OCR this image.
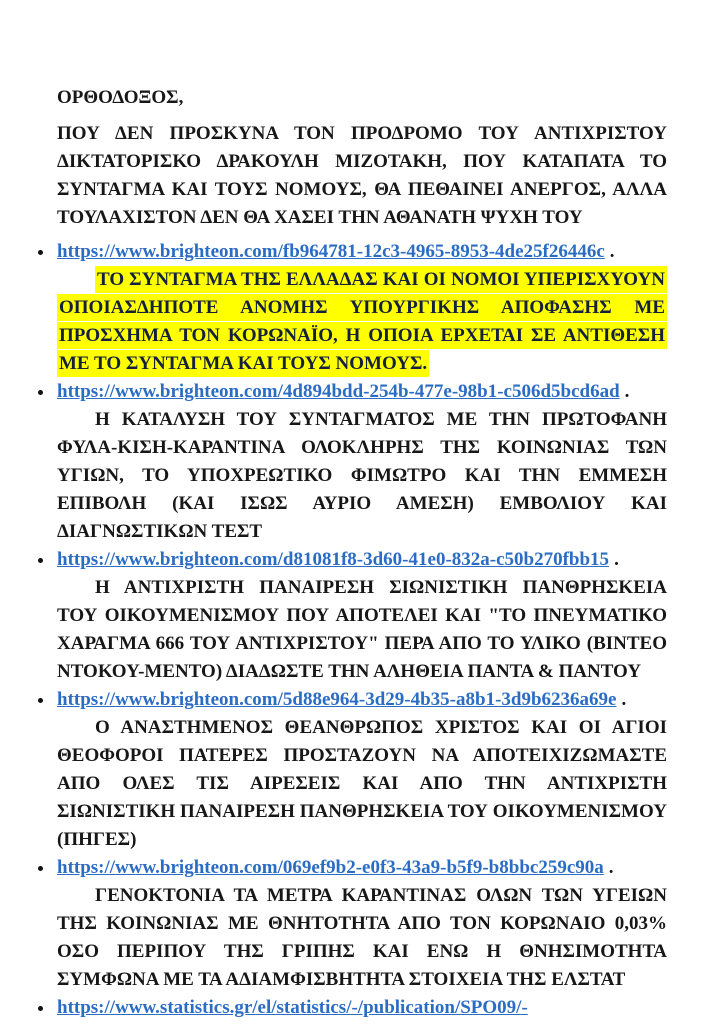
ΟΡΘΟΔΟΞΟΣ,

ΠΟΥ ΔΕΝ ΠΡΟΣΚΥΝΑ ΤΟΝ ΠΡΟΔΡΟΜΟ ΤΟΥ ΑΝΤΙΧΡΙΣΤΟΥ ΔΙΚΤΑΤΟΡΙΣΚΟ ΔΡΑΚΟΥΛΗ ΜΙΖΟΤΑΚΗ, ΠΟΥ ΚΑΤΑΠΑΤΑ ΤΟ ΣΥΝΤΑΓΜΑ ΚΑΙ ΤΟΥΣ ΝΟΜΟΥΣ, ΘΑ ΠΕΘΑΙΝΕΙ ΑΝΕΡΓΟΣ, ΑΛΛΑ ΤΟΥΛΑΧΙΣΤΟΝ ΔΕΝ ΘΑ ΧΑΣΕΙ ΤΗΝ ΑΘΑΝΑΤΗ ΨΥΧΗ ΤΟΥ

https://www.brighteon.com/fb964781-12c3-4965-8953-4de25f26446c .

ΤΟ ΣΥΝΤΑΓΜΑ ΤΗΣ ΕΛΛΑΔΑΣ ΚΑΙ ΟΙ ΝΟΜΟΙ ΥΠΕΡΙΣΧΥΟΥΝ ΟΠΟΙΑΣΔΗΠΟΤΕ ΑΝΟΜΗΣ ΥΠΟΥΡΓΙΚΗΣ ΑΠΟΦΑΣΗΣ ΜΕ ΠΡΟΣΧΗΜΑ ΤΟΝ ΚΟΡΩΝΑΪΟ, Η ΟΠΟΙΑ ΕΡΧΕΤΑΙ ΣΕ ΑΝΤΙΘΕΣΗ ΜΕ ΤΟ ΣΥΝΤΑΓΜΑ ΚΑΙ ΤΟΥΣ ΝΟΜΟΥΣ.

https://www.brighteon.com/4d894bdd-254b-477e-98b1-c506d5bcd6ad .

Η ΚΑΤΑΛΥΣΗ ΤΟΥ ΣΥΝΤΑΓΜΑΤΟΣ ΜΕ ΤΗΝ ΠΡΩΤΟΦΑΝΗ ΦΥΛΑ-ΚΙΣΗ-ΚΑΡΑΝΤΙΝΑ ΟΛΟΚΛΗΡΗΣ ΤΗΣ ΚΟΙΝΩΝΙΑΣ ΤΩΝ ΥΓΙΩΝ, ΤΟ ΥΠΟΧΡΕΩΤΙΚΟ ΦΙΜΩΤΡΟ ΚΑΙ ΤΗΝ ΕΜΜΕΣΗ ΕΠΙΒΟΛΗ (ΚΑΙ ΙΣΩΣ ΑΥΡΙΟ ΑΜΕΣΗ) ΕΜΒΟΛΙΟΥ ΚΑΙ ΔΙΑΓΝΩΣΤΙΚΩΝ ΤΕΣΤ

https://www.brighteon.com/d81081f8-3d60-41e0-832a-c50b270fbb15 .

Η ΑΝΤΙΧΡΙΣΤΗ ΠΑΝΑΙΡΕΣΗ ΣΙΩΝΙΣΤΙΚΗ ΠΑΝΘΡΗΣΚΕΙΑ ΤΟΥ ΟΙΚΟΥΜΕΝΙΣΜΟΥ ΠΟΥ ΑΠΟΤΕΛΕΙ ΚΑΙ "ΤΟ ΠΝΕΥΜΑΤΙΚΟ ΧΑΡΑΓΜΑ 666 ΤΟΥ ΑΝΤΙΧΡΙΣΤΟΥ" ΠΕΡΑ ΑΠΟ ΤΟ ΥΛΙΚΟ (ΒΙΝΤΕΟ ΝΤΟΚΟΥ-ΜΕΝΤΟ) ΔΙΑΔΩΣΤΕ ΤΗΝ ΑΛΗΘΕΙΑ ΠΑΝΤΑ & ΠΑΝΤΟΥ

https://www.brighteon.com/5d88e964-3d29-4b35-a8b1-3d9b6236a69e .

Ο ΑΝΑΣΤΗΜΕΝΟΣ ΘΕΑΝΘΡΩΠΟΣ ΧΡΙΣΤΟΣ ΚΑΙ ΟΙ ΑΓΙΟΙ ΘΕΟΦΟΡΟΙ ΠΑΤΕΡΕΣ ΠΡΟΣΤΑΖΟΥΝ ΝΑ ΑΠΟΤΕΙΧΙΖΩΜΑΣΤΕ ΑΠΟ ΟΛΕΣ ΤΙΣ ΑΙΡΕΣΕΙΣ ΚΑΙ ΑΠΟ ΤΗΝ ΑΝΤΙΧΡΙΣΤΗ ΣΙΩΝΙΣΤΙΚΗ ΠΑΝΑΙΡΕΣΗ ΠΑΝΘΡΗΣΚΕΙΑ ΤΟΥ ΟΙΚΟΥΜΕΝΙΣΜΟΥ (ΠΗΓΕΣ)

https://www.brighteon.com/069ef9b2-e0f3-43a9-b5f9-b8bbc259c90a .

ΓΕΝΟΚΤΟΝΙΑ ΤΑ ΜΕΤΡΑ ΚΑΡΑΝΤΙΝΑΣ ΟΛΩΝ ΤΩΝ ΥΓΕΙΩΝ ΤΗΣ ΚΟΙΝΩΝΙΑΣ ΜΕ ΘΝΗΤΟΤΗΤΑ ΑΠΟ ΤΟΝ ΚΟΡΩΝΑΙΟ 0,03% ΟΣΟ ΠΕΡΙΠΟΥ ΤΗΣ ΓΡΙΠΗΣ ΚΑΙ ΕΝΩ Η ΘΝΗΣΙΜΟΤΗΤΑ ΣΥΜΦΩΝΑ ΜΕ ΤΑ ΑΔΙΑΜΦΙΣΒΗΤΗΤΑ ΣΤΟΙΧΕΙΑ ΤΗΣ ΕΛΣΤΑΤ

https://www.statistics.gr/el/statistics/-/publication/SPO09/-
